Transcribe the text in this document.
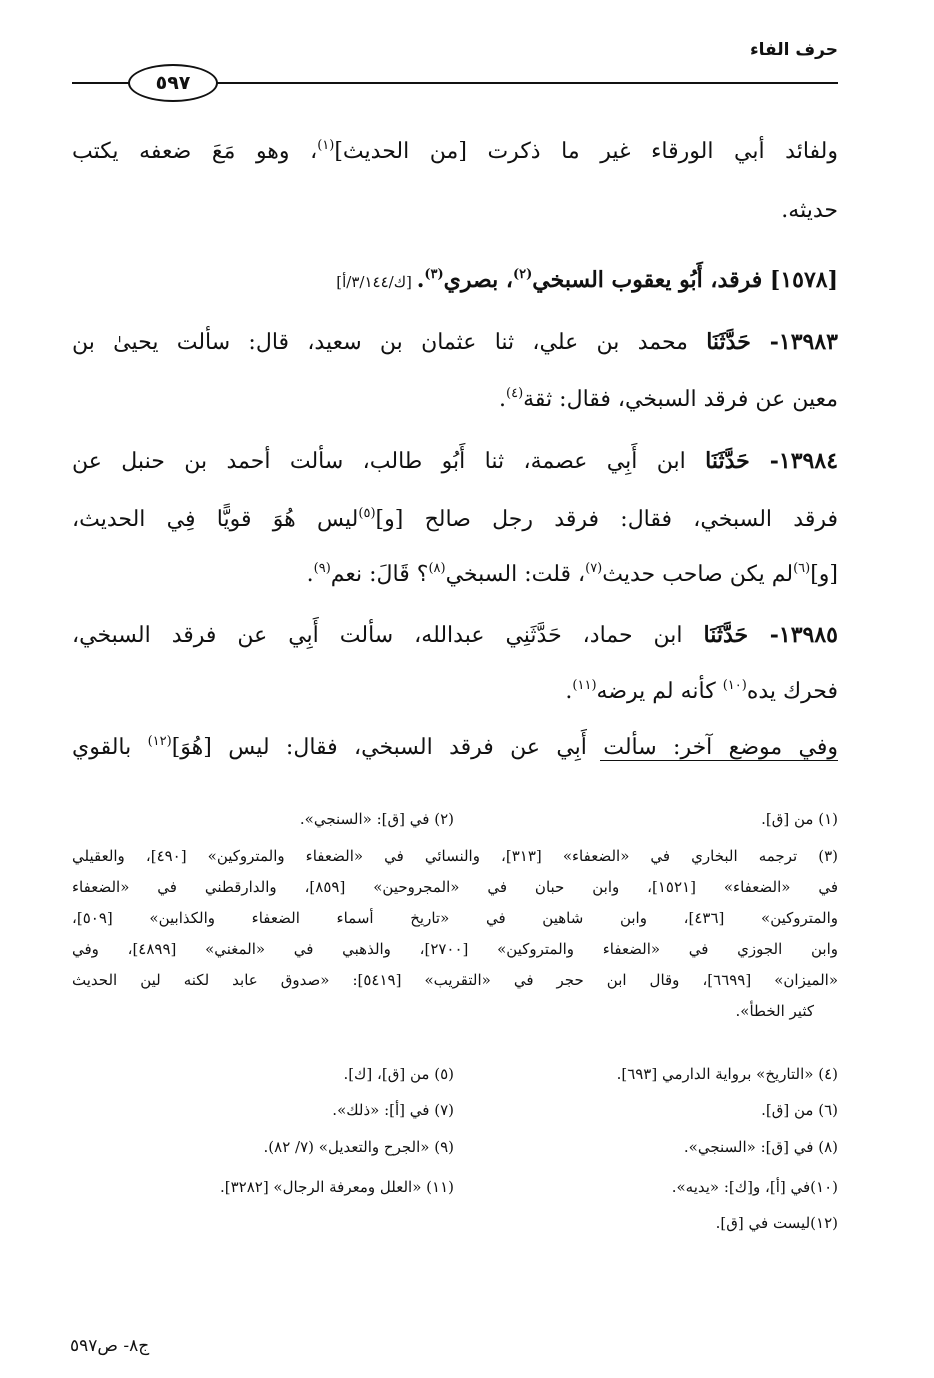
حرف الفاء
٥٩٧
ولفائد أبي الورقاء غير ما ذكرت [من الحديث]$^{(١)}$، وهو مَعَ ضعفه يكتب
حديثه.
[١٥٧٨] فرقد، أَبُو يعقوب السبخي$^{(٢)}$، بصري$^{(٣)}$. [ك/٣/١٤٤/أ]
١٣٩٨٣- حَدَّثَنَا محمد بن علي، ثنا عثمان بن سعيد، قال: سألت يحيىٰ بن
معين عن فرقد السبخي، فقال: ثقة$^{(٤)}$.
١٣٩٨٤- حَدَّثَنَا ابن أَبِي عصمة، ثنا أَبُو طالب، سألت أحمد بن حنبل عن
فرقد السبخي، فقال: فرقد رجل صالح [و]$^{(٥)}$ليس هُوَ قويًّا فِي الحديث،
[و]$^{(٦)}$لم يكن صاحب حديث$^{(٧)}$، قلت: السبخي$^{(٨)}$؟ قَالَ: نعم$^{(٩)}$.
١٣٩٨٥- حَدَّثَنَا ابن حماد، حَدَّثَنِي عبدالله، سألت أَبِي عن فرقد السبخي،
فحرك يده$^{(١٠)}$ كأنه لم يرضه$^{(١١)}$.
وفي موضع آخر: سألت أَبِي عن فرقد السبخي، فقال: ليس [هُوَ]$^{(١٢)}$ بالقوي
(١) من [ق].
(٢) في [ق]: «السنجي».
(٣) ترجمه البخاري في «الضعفاء» [٣١٣]، والنسائي في «الضعفاء والمتروكين» [٤٩٠]، والعقيلي
في «الضعفاء» [١٥٢١]، وابن حبان في «المجروحين» [٨٥٩]، والدارقطني في «الضعفاء
والمتروكين» [٤٣٦]، وابن شاهين في «تاريخ أسماء الضعفاء والكذابين» [٥٠٩]،
وابن الجوزي في «الضعفاء والمتروكين» [٢٧٠٠]، والذهبي في «المغني» [٤٨٩٩]، وفي
«الميزان» [٦٦٩٩]، وقال ابن حجر في «التقريب» [٥٤١٩]: «صدوق عابد لكنه لين الحديث
كثير الخطأ».
(٤) «التاريخ» برواية الدارمي [٦٩٣].
(٥) من [ق]، [ك].
(٦) من [ق].
(٧) في [أ]: «ذلك».
(٨) في [ق]: «السنجي».
(٩) «الجرح والتعديل» (٧/ ٨٢).
(١٠)في [أ]، و[ك]: «يديه».
(١١) «العلل ومعرفة الرجال» [٣٢٨٢].
(١٢)ليست في [ق].
ج٨- ص٥٩٧
